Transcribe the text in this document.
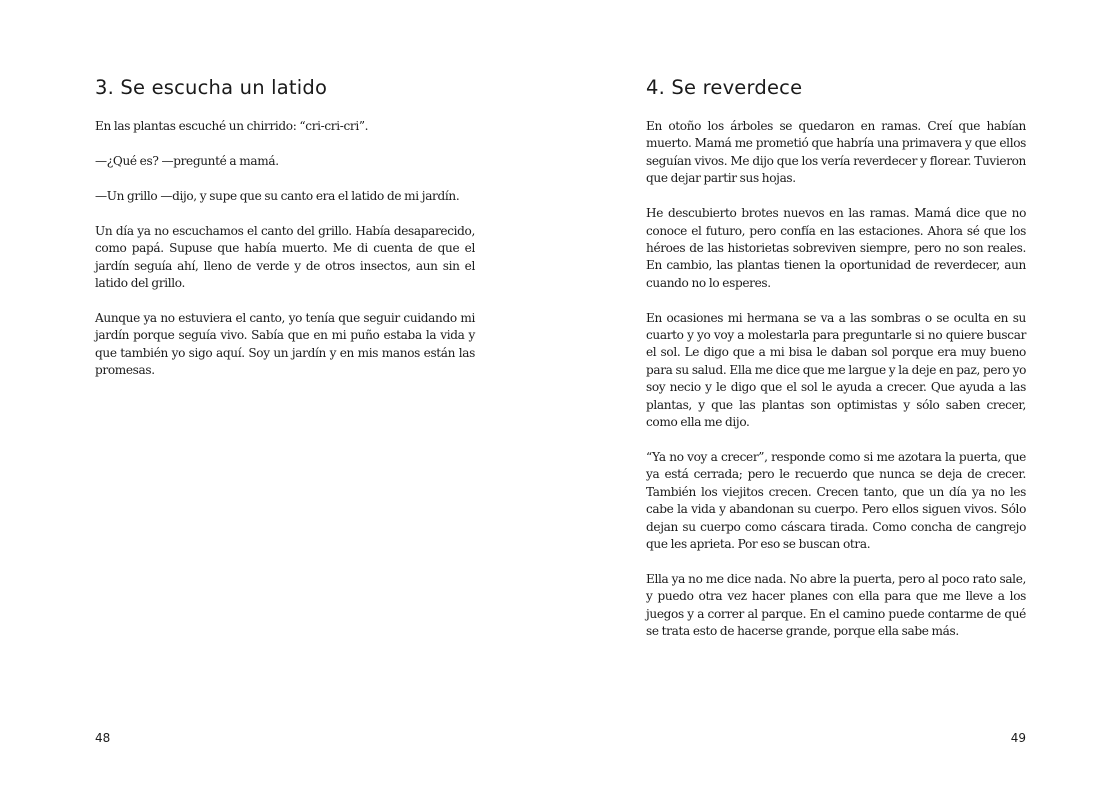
3. Se escucha un latido

En las plantas escuché un chirrido: “cri-cri-cri”.

—¿Qué es? —pregunté a mamá.

—Un grillo —dijo, y supe que su canto era el latido de mi jardín.

Un día ya no escuchamos el canto del grillo. Había desaparecido, como papá. Supuse que había muerto. Me di cuenta de que el jardín seguía ahí, lleno de verde y de otros insectos, aun sin el latido del grillo.

Aunque ya no estuviera el canto, yo tenía que seguir cuidando mi jardín porque seguía vivo. Sabía que en mi puño estaba la vida y que también yo sigo aquí. Soy un jardín y en mis manos están las promesas.

48
4. Se reverdece

En otoño los árboles se quedaron en ramas. Creí que habían muerto. Mamá me prometió que habría una primavera y que ellos seguían vivos. Me dijo que los vería reverdecer y florear. Tuvieron que dejar partir sus hojas.

He descubierto brotes nuevos en las ramas. Mamá dice que no conoce el futuro, pero confía en las estaciones. Ahora sé que los héroes de las historietas sobreviven siempre, pero no son reales. En cambio, las plantas tienen la oportunidad de reverdecer, aun cuando no lo esperes.

En ocasiones mi hermana se va a las sombras o se oculta en su cuarto y yo voy a molestarla para preguntarle si no quiere buscar el sol. Le digo que a mi bisa le daban sol porque era muy bueno para su salud. Ella me dice que me largue y la deje en paz, pero yo soy necio y le digo que el sol le ayuda a crecer. Que ayuda a las plantas, y que las plantas son optimistas y sólo saben crecer, como ella me dijo.

“Ya no voy a crecer”, responde como si me azotara la puerta, que ya está cerrada; pero le recuerdo que nunca se deja de crecer. También los viejitos crecen. Crecen tanto, que un día ya no les cabe la vida y abandonan su cuerpo. Pero ellos siguen vivos. Sólo dejan su cuerpo como cáscara tirada. Como concha de cangrejo que les aprieta. Por eso se buscan otra.

Ella ya no me dice nada. No abre la puerta, pero al poco rato sale, y puedo otra vez hacer planes con ella para que me lleve a los juegos y a correr al parque. En el camino puede contarme de qué se trata esto de hacerse grande, porque ella sabe más.

49
